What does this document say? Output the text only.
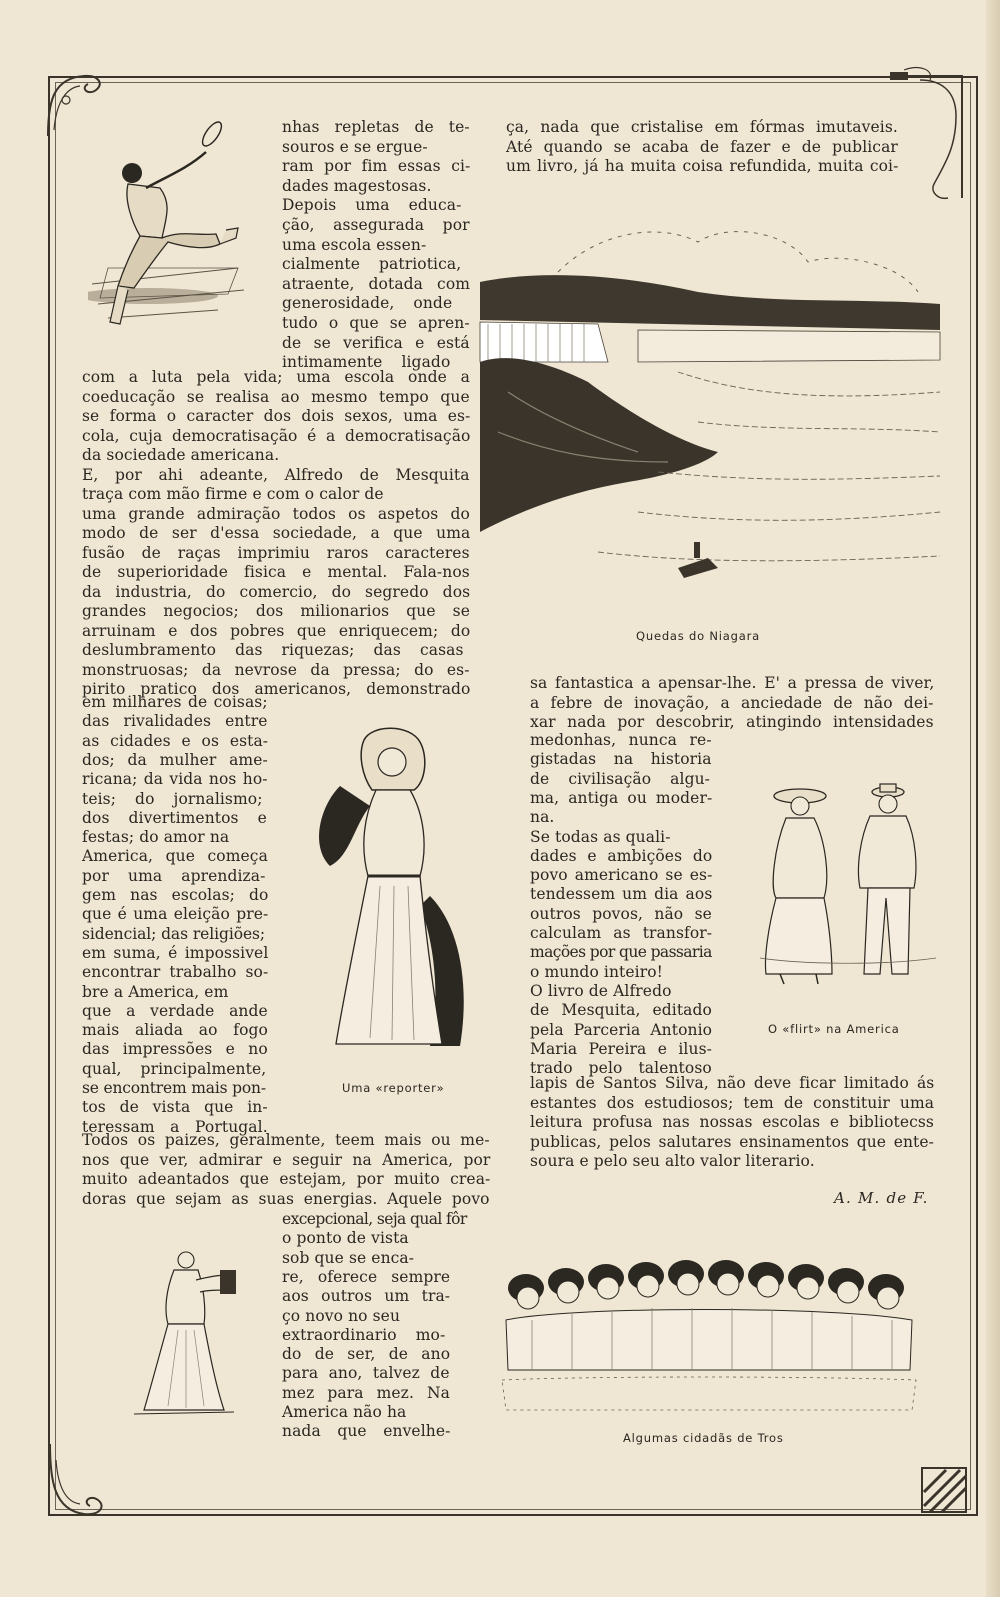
Quedas do Niagara
Uma «reporter»
O «flirt» na America
Algumas cidadãs de Tros
nhas repletas de te-
souros e se ergue-
ram por fim essas ci-
dades magestosas.
Depois uma educa-
ção, assegurada por
uma escola essen-
cialmente patriotica,
atraente, dotada com
generosidade, onde
tudo o que se apren-
de se verifica e está
intimamente ligado
com a luta pela vida; uma escola onde a
coeducação se realisa ao mesmo tempo que
se forma o caracter dos dois sexos, uma es-
cola, cuja democratisação é a democratisação
da sociedade americana.
E, por ahi adeante, Alfredo de Mesquita
traça com mão firme e com o calor de
uma grande admiração todos os aspetos do
modo de ser d'essa sociedade, a que uma
fusão de raças imprimiu raros caracteres
de superioridade fisica e mental. Fala-nos
da industria, do comercio, do segredo dos
grandes negocios; dos milionarios que se
arruinam e dos pobres que enriquecem; do
deslumbramento das riquezas; das casas
monstruosas; da nevrose da pressa; do es-
pirito pratico dos americanos, demonstrado
em milhares de coisas;
das rivalidades entre
as cidades e os esta-
dos; da mulher ame-
ricana; da vida nos ho-
teis; do jornalismo;
dos divertimentos e
festas; do amor na
America, que começa
por uma aprendiza-
gem nas escolas; do
que é uma eleição pre-
sidencial; das religiões;
em suma, é impossivel
encontrar trabalho so-
bre a America, em
que a verdade ande
mais aliada ao fogo
das impressões e no
qual, principalmente,
se encontrem mais pon-
tos de vista que in-
teressam a Portugal.
Todos os paizes, geralmente, teem mais ou me-
nos que ver, admirar e seguir na America, por
muito adeantados que estejam, por muito crea-
doras que sejam as suas energias. Aquele povo
excepcional, seja qual fôr
o ponto de vista
sob que se enca-
re, oferece sempre
aos outros um tra-
ço novo no seu
extraordinario mo-
do de ser, de ano
para ano, talvez de
mez para mez. Na
America não ha
nada que envelhe-
ça, nada que cristalise em fórmas imutaveis.
Até quando se acaba de fazer e de publicar
um livro, já ha muita coisa refundida, muita coi-
sa fantastica a apensar-lhe. E' a pressa de viver,
a febre de inovação, a anciedade de não dei-
xar nada por descobrir, atingindo intensidades
medonhas, nunca re-
gistadas na historia
de civilisação algu-
ma, antiga ou moder-
na.
Se todas as quali-
dades e ambições do
povo americano se es-
tendessem um dia aos
outros povos, não se
calculam as transfor-
mações por que passaria
o mundo inteiro!
O livro de Alfredo
de Mesquita, editado
pela Parceria Antonio
Maria Pereira e ilus-
trado pelo talentoso
lapis de Santos Silva, não deve ficar limitado ás
estantes dos estudiosos; tem de constituir uma
leitura profusa nas nossas escolas e bibliotecss
publicas, pelos salutares ensinamentos que ente-
soura e pelo seu alto valor literario.
A. M. de F.
